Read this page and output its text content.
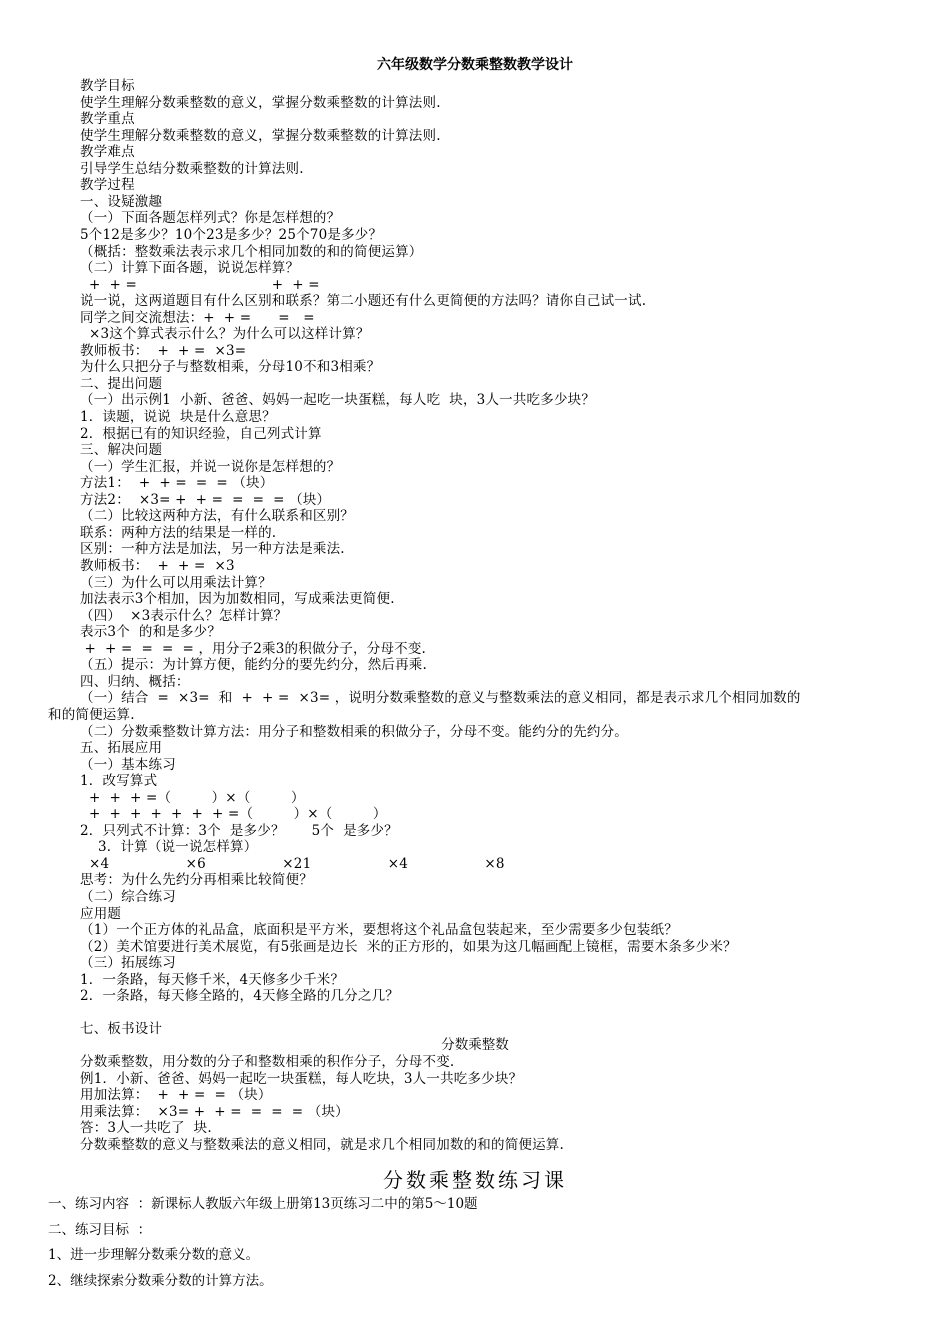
六年级数学分数乘整数教学设计
教学目标
使学生理解分数乘整数的意义，掌握分数乘整数的计算法则.
教学重点
使学生理解分数乘整数的意义，掌握分数乘整数的计算法则.
教学难点
引导学生总结分数乘整数的计算法则.
教学过程
一、设疑激趣
（一）下面各题怎样列式？你是怎样想的？
5个12是多少？10个23是多少？25个70是多少？
（概括：整数乘法表示求几个相同加数的和的简便运算）
（二）计算下面各题，说说怎样算？
+  + =                              +  + =
说一说，这两道题目有什么区别和联系？第二小题还有什么更简便的方法吗？请你自己试一试.
同学之间交流想法：+  + =      =   =
×3这个算式表示什么？为什么可以这样计算？
教师板书：  +  + =  ×3=
为什么只把分子与整数相乘，分母10不和3相乘？
二、提出问题
（一）出示例1  小新、爸爸、妈妈一起吃一块蛋糕，每人吃  块，3人一共吃多少块？
1．读题，说说  块是什么意思？
2．根据已有的知识经验，自己列式计算
三、解决问题
（一）学生汇报，并说一说你是怎样想的？
方法1：  +  + =  =  = （块）
方法2：  ×3= +  + =  =  =  = （块）
（二）比较这两种方法，有什么联系和区别？
联系：两种方法的结果是一样的.
区别：一种方法是加法，另一种方法是乘法.
教师板书：  +  + =  ×3
（三）为什么可以用乘法计算？
加法表示3个相加，因为加数相同，写成乘法更简便.
（四）  ×3表示什么？怎样计算？
表示3个  的和是多少？
+  + =  =  =  = ，用分子2乘3的积做分子，分母不变.
（五）提示：为计算方便，能约分的要先约分，然后再乘.
四、归纳、概括：
（一）结合  =  ×3=  和  +  + =  ×3= ，说明分数乘整数的意义与整数乘法的意义相同，都是表示求几个相同加数的
和的简便运算.
（二）分数乘整数计算方法：用分子和整数相乘的积做分子，分母不变。能约分的先约分。
五、拓展应用
（一）基本练习
1．改写算式
+  +  + =（         ）×（         ）
+  +  +  +  +  +  + =（         ）×（         ）
2．只列式不计算：3个  是多少？      5个  是多少？
3．计算（说一说怎样算）
×4                 ×6                 ×21                 ×4                 ×8
思考：为什么先约分再相乘比较简便？
（二）综合练习
应用题
（1）一个正方体的礼品盒，底面积是平方米，要想将这个礼品盒包装起来，至少需要多少包装纸？
（2）美术馆要进行美术展览，有5张画是边长  米的正方形的，如果为这几幅画配上镜框，需要木条多少米？
（三）拓展练习
1．一条路，每天修千米，4天修多少千米？
2．一条路，每天修全路的，4天修全路的几分之几？
七、板书设计
分数乘整数
分数乘整数，用分数的分子和整数相乘的积作分子，分母不变.
例1．小新、爸爸、妈妈一起吃一块蛋糕，每人吃块，3人一共吃多少块？
用加法算：  +  + =  = （块）
用乘法算：  ×3= +  + =  =  =  = （块）
答：3人一共吃了  块.
分数乘整数的意义与整数乘法的意义相同，就是求几个相同加数的和的简便运算.
分数乘整数练习课
一、练习内容  ：新课标人教版六年级上册第13页练习二中的第5～10题
二、练习目标  ：
1、进一步理解分数乘分数的意义。
2、继续探索分数乘分数的计算方法。
